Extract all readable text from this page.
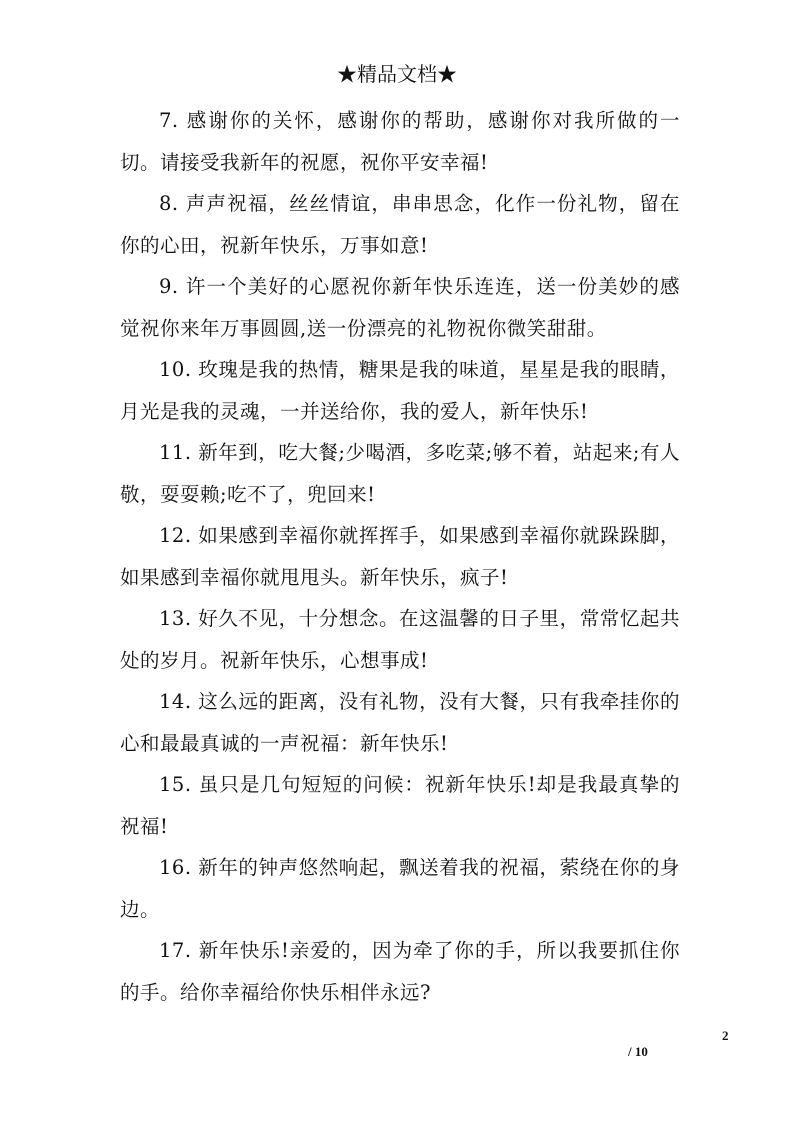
★精品文档★

7. 感谢你的关怀，感谢你的帮助，感谢你对我所做的一切。请接受我新年的祝愿，祝你平安幸福!

8. 声声祝福，丝丝情谊，串串思念，化作一份礼物，留在你的心田，祝新年快乐，万事如意!

9. 许一个美好的心愿祝你新年快乐连连，送一份美妙的感觉祝你来年万事圆圆,送一份漂亮的礼物祝你微笑甜甜。

10. 玫瑰是我的热情，糖果是我的味道，星星是我的眼睛，月光是我的灵魂，一并送给你，我的爱人，新年快乐!

11. 新年到，吃大餐;少喝酒，多吃菜;够不着，站起来;有人敬，耍耍赖;吃不了，兜回来!

12. 如果感到幸福你就挥挥手，如果感到幸福你就跺跺脚，如果感到幸福你就甩甩头。新年快乐，疯子!

13. 好久不见，十分想念。在这温馨的日子里，常常忆起共处的岁月。祝新年快乐，心想事成!

14. 这么远的距离，没有礼物，没有大餐，只有我牵挂你的心和最最真诚的一声祝福：新年快乐!

15. 虽只是几句短短的问候：祝新年快乐!却是我最真挚的祝福!

16. 新年的钟声悠然响起，飘送着我的祝福，萦绕在你的身边。

17. 新年快乐!亲爱的，因为牵了你的手，所以我要抓住你的手。给你幸福给你快乐相伴永远?

2
/ 10
